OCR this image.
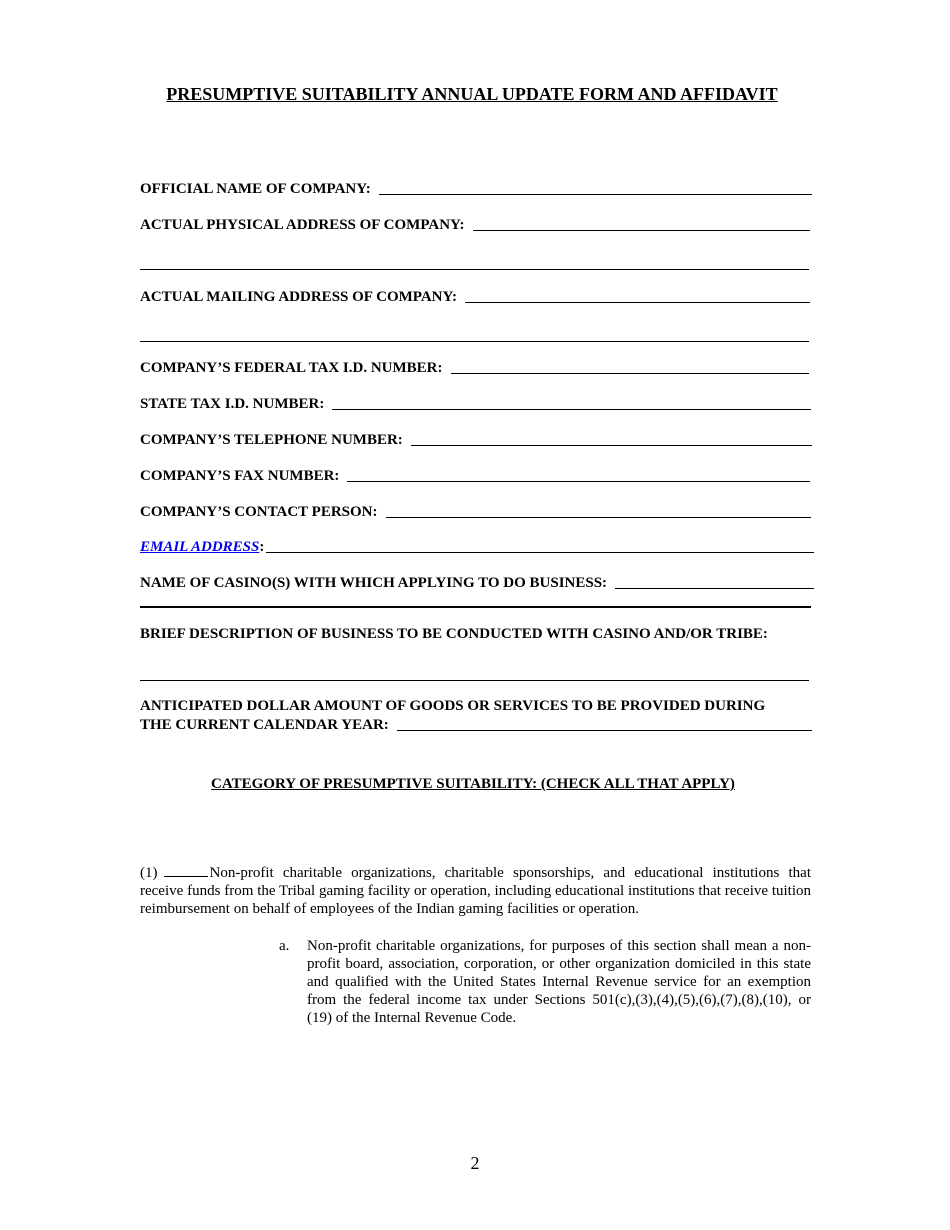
PRESUMPTIVE SUITABILITY ANNUAL UPDATE FORM AND AFFIDAVIT
OFFICIAL NAME OF COMPANY:
ACTUAL PHYSICAL ADDRESS OF COMPANY:
ACTUAL MAILING ADDRESS OF COMPANY:
COMPANY’S FEDERAL TAX I.D. NUMBER:
STATE TAX I.D. NUMBER:
COMPANY’S TELEPHONE NUMBER:
COMPANY’S FAX NUMBER:
COMPANY’S CONTACT PERSON:
EMAIL ADDRESS:
NAME OF CASINO(S) WITH WHICH APPLYING TO DO BUSINESS:
BRIEF DESCRIPTION OF BUSINESS TO BE CONDUCTED WITH CASINO AND/OR TRIBE:
ANTICIPATED DOLLAR AMOUNT OF GOODS OR SERVICES TO BE PROVIDED DURING
THE CURRENT CALENDAR YEAR:
CATEGORY OF PRESUMPTIVE SUITABILITY: (CHECK ALL THAT APPLY)
(1)	Non-profit charitable organizations, charitable sponsorships, and educational institutions that receive funds from the Tribal gaming facility or operation, including educational institutions that receive tuition reimbursement on behalf of employees of the Indian gaming facilities or operation.
a.	Non-profit charitable organizations, for purposes of this section shall mean a non-profit board, association, corporation, or other organization domiciled in this state and qualified with the United States Internal Revenue service for an exemption from the federal income tax under Sections 501(c),(3),(4),(5),(6),(7),(8),(10), or (19) of the Internal Revenue Code.
2
